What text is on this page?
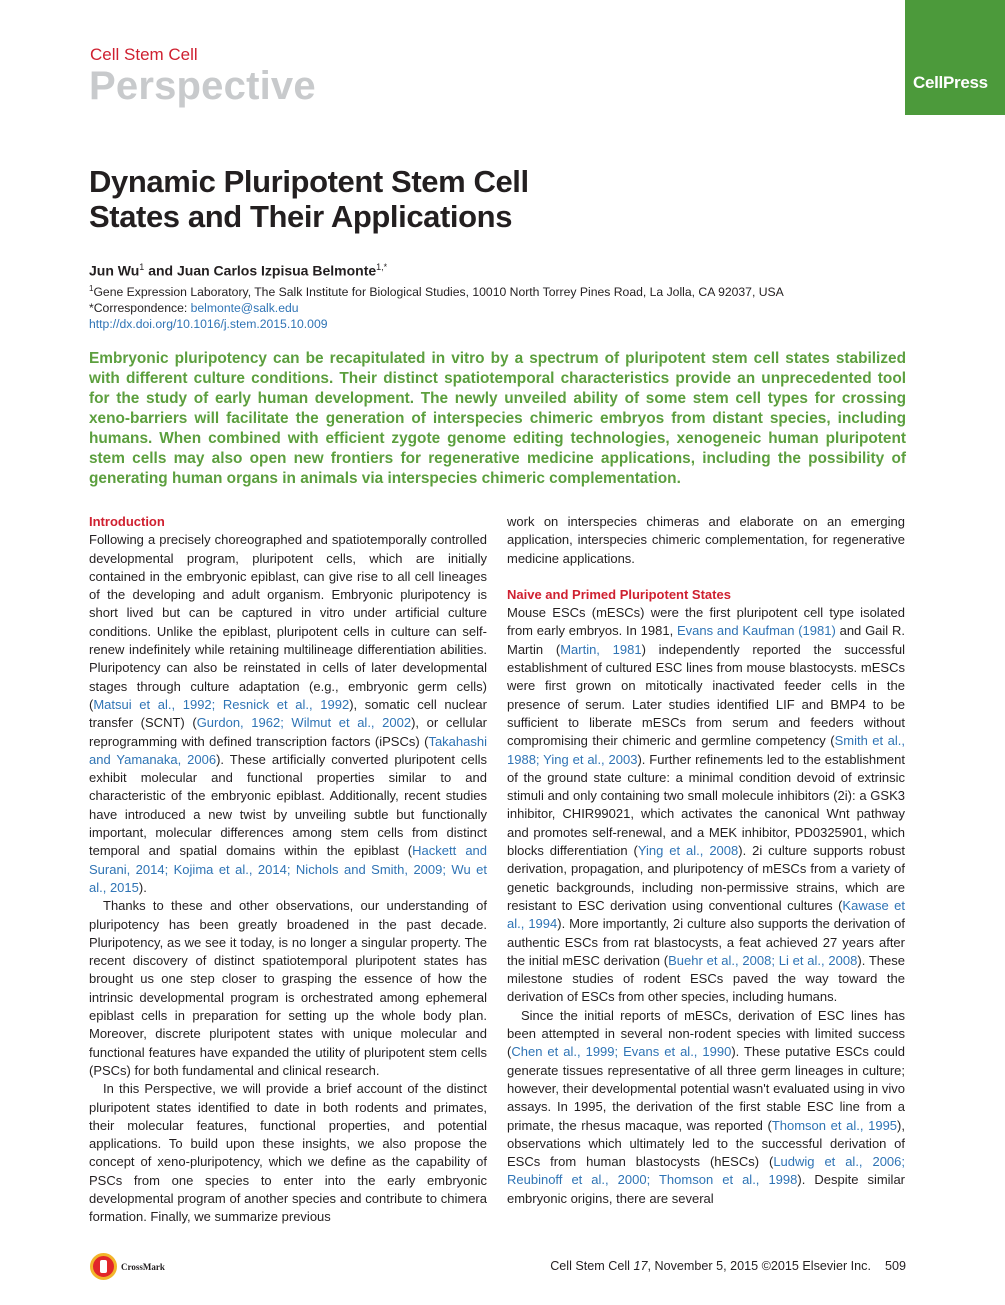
Cell Stem Cell
Perspective	CellPress
Dynamic Pluripotent Stem Cell
States and Their Applications
Jun Wu$^1$ and Juan Carlos Izpisua Belmonte$^{1,*}$
$^1$Gene Expression Laboratory, The Salk Institute for Biological Studies, 10010 North Torrey Pines Road, La Jolla, CA 92037, USA
*Correspondence: belmonte@salk.edu
http://dx.doi.org/10.1016/j.stem.2015.10.009

Embryonic pluripotency can be recapitulated in vitro by a spectrum of pluripotent stem cell states stabilized with different culture conditions. Their distinct spatiotemporal characteristics provide an unprecedented tool for the study of early human development. The newly unveiled ability of some stem cell types for crossing xeno-barriers will facilitate the generation of interspecies chimeric embryos from distant species, including humans. When combined with efficient zygote genome editing technologies, xenogeneic human pluripotent stem cells may also open new frontiers for regenerative medicine applications, including the possibility of generating human organs in animals via interspecies chimeric complementation.

Introduction

Following a precisely choreographed and spatiotemporally controlled developmental program, pluripotent cells, which are initially contained in the embryonic epiblast, can give rise to all cell lineages of the developing and adult organism. Embryonic pluripotency is short lived but can be captured in vitro under artificial culture conditions. Unlike the epiblast, pluripotent cells in culture can self-renew indefinitely while retaining multilineage differentiation abilities. Pluripotency can also be reinstated in cells of later developmental stages through culture adaptation (e.g., embryonic germ cells) (Matsui et al., 1992; Resnick et al., 1992), somatic cell nuclear transfer (SCNT) (Gurdon, 1962; Wilmut et al., 2002), or cellular reprogramming with defined transcription factors (iPSCs) (Takahashi and Yamanaka, 2006). These artificially converted pluripotent cells exhibit molecular and functional properties similar to and characteristic of the embryonic epiblast. Additionally, recent studies have introduced a new twist by unveiling subtle but functionally important, molecular differences among stem cells from distinct temporal and spatial domains within the epiblast (Hackett and Surani, 2014; Kojima et al., 2014; Nichols and Smith, 2009; Wu et al., 2015).

Thanks to these and other observations, our understanding of pluripotency has been greatly broadened in the past decade. Pluripotency, as we see it today, is no longer a singular property. The recent discovery of distinct spatiotemporal pluripotent states has brought us one step closer to grasping the essence of how the intrinsic developmental program is orchestrated among ephemeral epiblast cells in preparation for setting up the whole body plan. Moreover, discrete pluripotent states with unique molecular and functional features have expanded the utility of pluripotent stem cells (PSCs) for both fundamental and clinical research.

In this Perspective, we will provide a brief account of the distinct pluripotent states identified to date in both rodents and primates, their molecular features, functional properties, and potential applications. To build upon these insights, we also propose the concept of xeno-pluripotency, which we define as the capability of PSCs from one species to enter into the early embryonic developmental program of another species and contribute to chimera formation. Finally, we summarize previous

work on interspecies chimeras and elaborate on an emerging application, interspecies chimeric complementation, for regenerative medicine applications.

Naive and Primed Pluripotent States

Mouse ESCs (mESCs) were the first pluripotent cell type isolated from early embryos. In 1981, Evans and Kaufman (1981) and Gail R. Martin (Martin, 1981) independently reported the successful establishment of cultured ESC lines from mouse blastocysts. mESCs were first grown on mitotically inactivated feeder cells in the presence of serum. Later studies identified LIF and BMP4 to be sufficient to liberate mESCs from serum and feeders without compromising their chimeric and germline competency (Smith et al., 1988; Ying et al., 2003). Further refinements led to the establishment of the ground state culture: a minimal condition devoid of extrinsic stimuli and only containing two small molecule inhibitors (2i): a GSK3 inhibitor, CHIR99021, which activates the canonical Wnt pathway and promotes self-renewal, and a MEK inhibitor, PD0325901, which blocks differentiation (Ying et al., 2008). 2i culture supports robust derivation, propagation, and pluripotency of mESCs from a variety of genetic backgrounds, including non-permissive strains, which are resistant to ESC derivation using conventional cultures (Kawase et al., 1994). More importantly, 2i culture also supports the derivation of authentic ESCs from rat blastocysts, a feat achieved 27 years after the initial mESC derivation (Buehr et al., 2008; Li et al., 2008). These milestone studies of rodent ESCs paved the way toward the derivation of ESCs from other species, including humans.

Since the initial reports of mESCs, derivation of ESC lines has been attempted in several non-rodent species with limited success (Chen et al., 1999; Evans et al., 1990). These putative ESCs could generate tissues representative of all three germ lineages in culture; however, their developmental potential wasn't evaluated using in vivo assays. In 1995, the derivation of the first stable ESC line from a primate, the rhesus macaque, was reported (Thomson et al., 1995), observations which ultimately led to the successful derivation of ESCs from human blastocysts (hESCs) (Ludwig et al., 2006; Reubinoff et al., 2000; Thomson et al., 1998). Despite similar embryonic origins, there are several

CrossMark	Cell Stem Cell 17, November 5, 2015 ©2015 Elsevier Inc. 509
